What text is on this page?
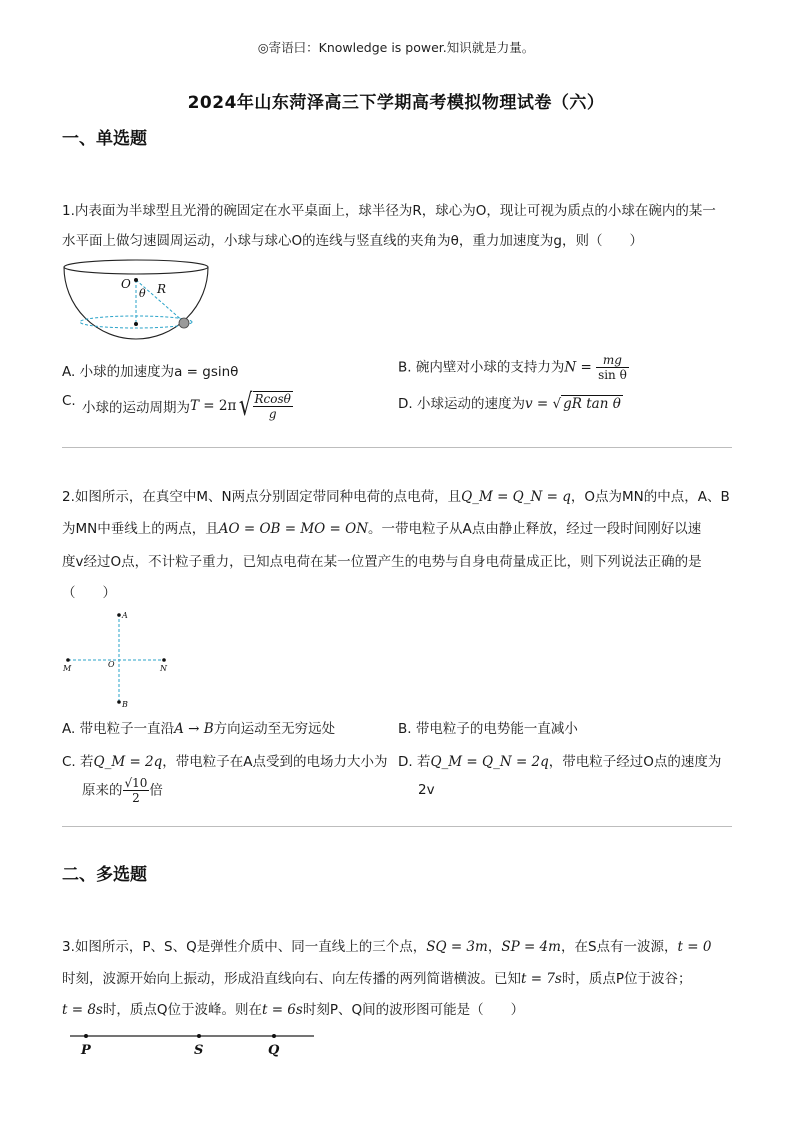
◎寄语曰：Knowledge is power.知识就是力量。
2024年山东菏泽高三下学期高考模拟物理试卷（六）
一、单选题
1.内表面为半球型且光滑的碗固定在水平桌面上，球半径为R，球心为O，现让可视为质点的小球在碗内的某一
水平面上做匀速圆周运动，小球与球心O的连线与竖直线的夹角为θ，重力加速度为g，则（　　）
O
θ R
A. 小球的加速度为a = gsinθ	B. 碗内壁对小球的支持力为$N = \frac{mg}{\text{sin θ}}$
C. 小球的运动周期为$T = 2\pi√ \frac{Rcos\theta}{g}$	D. 小球运动的速度为v = √ gR tan θ
2.如图所示，在真空中M、N两点分别固定带同种电荷的点电荷，且Q_M = Q_N = q，O点为MN的中点，A、B
为MN中垂线上的两点，且AO = OB = MO = ON。一带电粒子从A点由静止释放，经过一段时间刚好以速
度v经过O点，不计粒子重力，已知点电荷在某一位置产生的电势与自身电荷量成正比，则下列说法正确的是
（　　）
A
B
M	N
O
A. 带电粒子一直沿A → B方向运动至无穷远处	B. 带电粒子的电势能一直减小
C. 若Q_M = 2q，带电粒子在A点受到的电场力大小为
原来的 $\frac{√10}{2}$ 倍
D. 若Q_M = Q_N = 2q，带电粒子经过O点的速度为
2v
二、多选题
3.如图所示，P、S、Q是弹性介质中、同一直线上的三个点，SQ = 3m，SP = 4m，在S点有一波源，t = 0
时刻，波源开始向上振动，形成沿直线向右、向左传播的两列简谐横波。已知t = 7s时，质点P位于波谷；
t = 8s时，质点Q位于波峰。则在t = 6s时刻P、Q间的波形图可能是（　　）
P	S	Q
